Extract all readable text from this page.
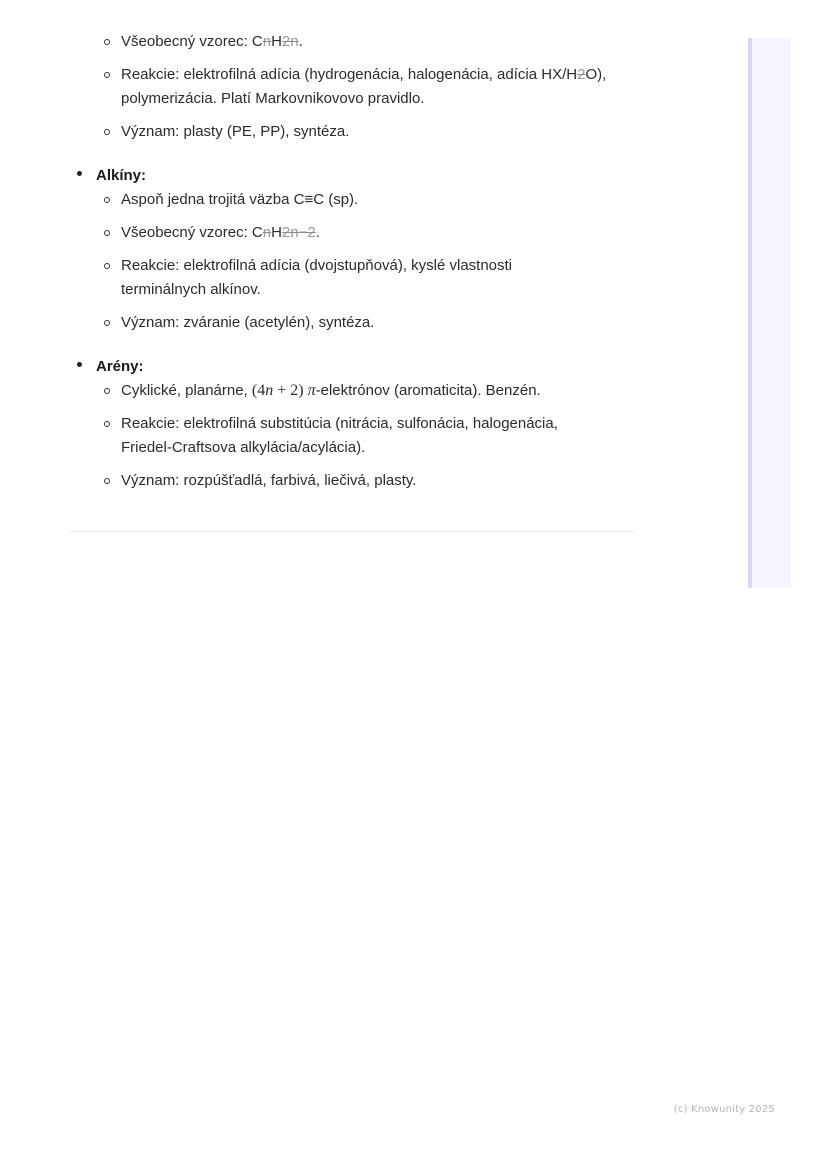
Všeobecný vzorec: CnH2n.
Reakcie: elektrofilná adícia (hydrogenácia, halogenácia, adícia HX/H2O), polymerizácia. Platí Markovnikovovo pravidlo.
Význam: plasty (PE, PP), syntéza.
Alkíny:
Aspoň jedna trojitá väzba C≡C (sp).
Všeobecný vzorec: CnH2n−2.
Reakcie: elektrofilná adícia (dvojstupňová), kyslé vlastnosti terminálnych alkínov.
Význam: zváranie (acetylén), syntéza.
Arény:
Cyklické, planárne, (4n + 2) π-elektrónov (aromaticita). Benzén.
Reakcie: elektrofilná substitúcia (nitrácia, sulfonácia, halogenácia, Friedel-Craftsova alkylácia/acylácia).
Význam: rozpúšťadlá, farbivá, liečivá, plasty.
(c) Knowunity 2025
